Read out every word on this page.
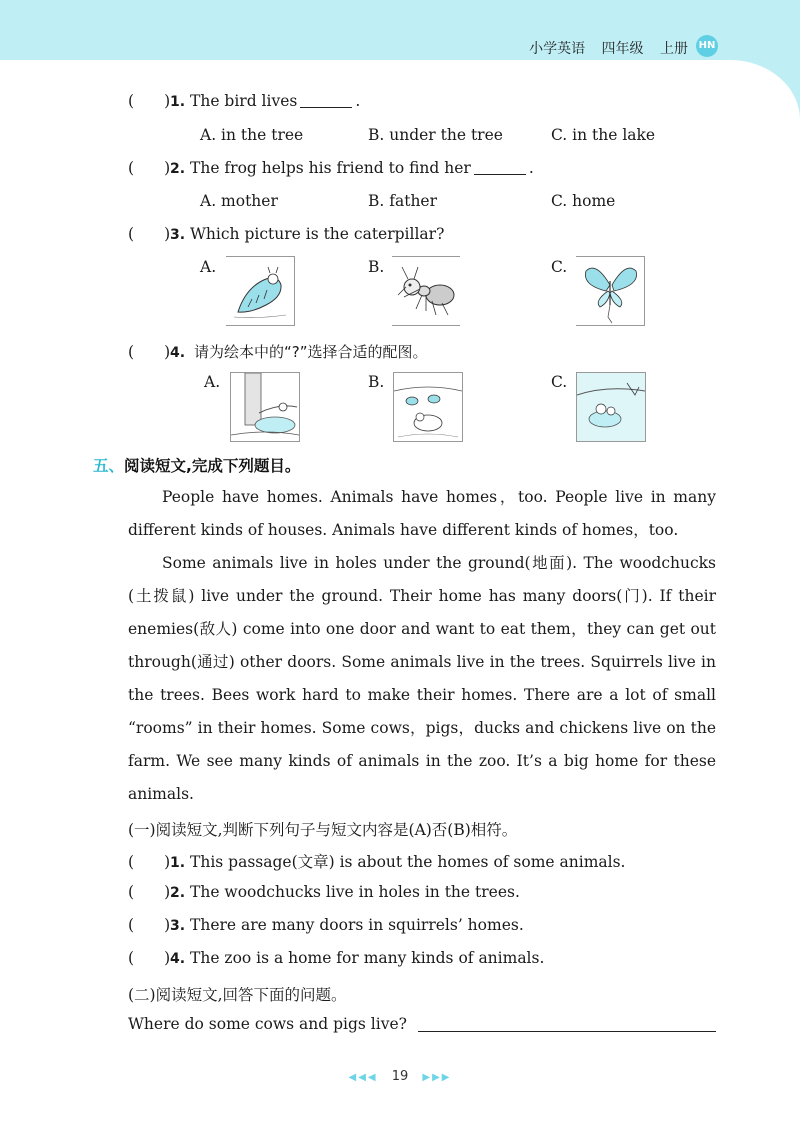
小学英语 四年级 上册 HN
( )1. The bird lives	.
A. in the tree	B. under the tree	C. in the lake
( )2. The frog helps his friend to find her	.
A. mother	B. father	C. home
( )3. Which picture is the caterpillar?
A.	B.	C.
( )4. 请为绘本中的“?”选择合适的配图。
A.	B.	C.
五、阅读短文,完成下列题目。

People have homes. Animals have homes，too. People live in many different kinds of houses. Animals have different kinds of homes，too.

Some animals live in holes under the ground(地面). The woodchucks (土拨鼠) live under the ground. Their home has many doors(门). If their enemies(敌人) come into one door and want to eat them，they can get out through(通过) other doors. Some animals live in the trees. Squirrels live in the trees. Bees work hard to make their homes. There are a lot of small “rooms” in their homes. Some cows，pigs，ducks and chickens live on the farm. We see many kinds of animals in the zoo. It’s a big home for these animals.

(一)阅读短文,判断下列句子与短文内容是(A)否(B)相符。
( )1. This passage(文章) is about the homes of some animals.
( )2. The woodchucks live in holes in the trees.
( )3. There are many doors in squirrels’ homes.
( )4. The zoo is a home for many kinds of animals.
(二)阅读短文,回答下面的问题。
Where do some cows and pigs live?
◀◀◀ 19 ▶▶▶
